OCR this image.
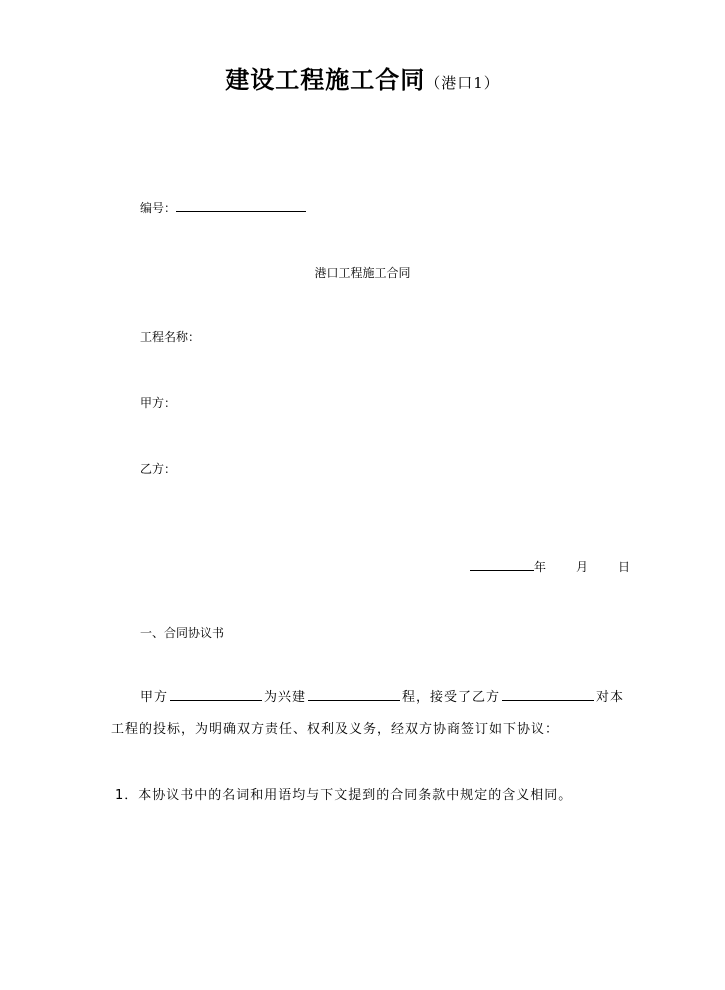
建设工程施工合同（港口1）
编号：
港口工程施工合同
工程名称：
甲方：
乙方：
年	月	日
一、合同协议书
甲方	为兴建	程，接受了乙方	对本
工程的投标，为明确双方责任、权利及义务，经双方协商签订如下协议：
1．本协议书中的名词和用语均与下文提到的合同条款中规定的含义相同。
